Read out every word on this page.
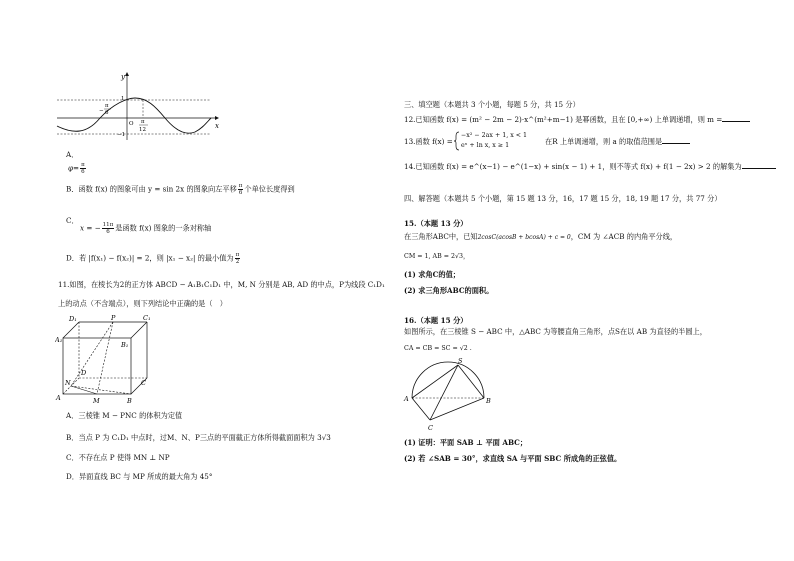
y
x
1
−1
O
−
π
6
π
12
A．
$\varphi= \frac{\pi}{6}$
B．函数 f(x) 的图象可由 y = sin 2x 的图象向左平移 $\frac{\pi}{6}$ 个单位长度得到
C．
x = − $\frac{11\pi}{6}$ 是函数 f(x) 图象的一条对称轴
D．若 |f(x₁) − f(x₂)| = 2，则 |x₁ − x₂| 的最小值为 $\frac{\pi}{2}$
11.如图，在棱长为2的正方体 ABCD − A₁B₁C₁D₁ 中，M, N 分别是 AB, AD 的中点，P为线段 C₁D₁
上的动点（不含端点），则下列结论中正确的是（　）
D₁	P	C₁
A₁
B₁
D
N	C
A	M	B
A．三棱锥 M − PNC 的体积为定值
B．当点 P 为 C₁D₁ 中点时，过M、N、P三点的平面截正方体所得截面面积为 3√3
C．不存在点 P 使得 MN ⊥ NP
D．异面直线 BC 与 MP 所成的最大角为 45°
三、填空题（本题共 3 个小题，每题 5 分，共 15 分）
12.已知函数 f(x) = (m² − 2m − 2)·x^(m²+m−1) 是幂函数，且在 [0,+∞) 上单调递增，则 m =
13.函数 f(x) =
−x² − 2ax + 1, x < 1
eˣ + ln x, x ≥ 1	在R 上单调递增，则 a 的取值范围是
14.已知函数 f(x) = e^(x−1) − e^(1−x) + sin(x − 1) + 1，则不等式 f(x) + f(1 − 2x) > 2 的解集为
四、解答题（本题共 5 个小题，第 15 题 13 分，16，17 题 15 分，18, 19 题 17 分，共 77 分）
15.（本题 13 分）
在三角形ABC中，已知2cosC(acosB + bcosA) + c = 0，CM 为 ∠ACB 的内角平分线，
CM = 1, AB = 2√3，
(1) 求角C的值；
(2) 求三角形ABC的面积。
16.（本题 15 分）
如图所示，在三棱锥 S − ABC 中，△ABC 为等腰直角三角形，点S在以 AB 为直径的半圆上，
CA = CB = SC = √2 .
S
A	B
C
(1) 证明：平面 SAB ⊥ 平面 ABC；
(2) 若 ∠SAB = 30°，求直线 SA 与平面 SBC 所成角的正弦值。
